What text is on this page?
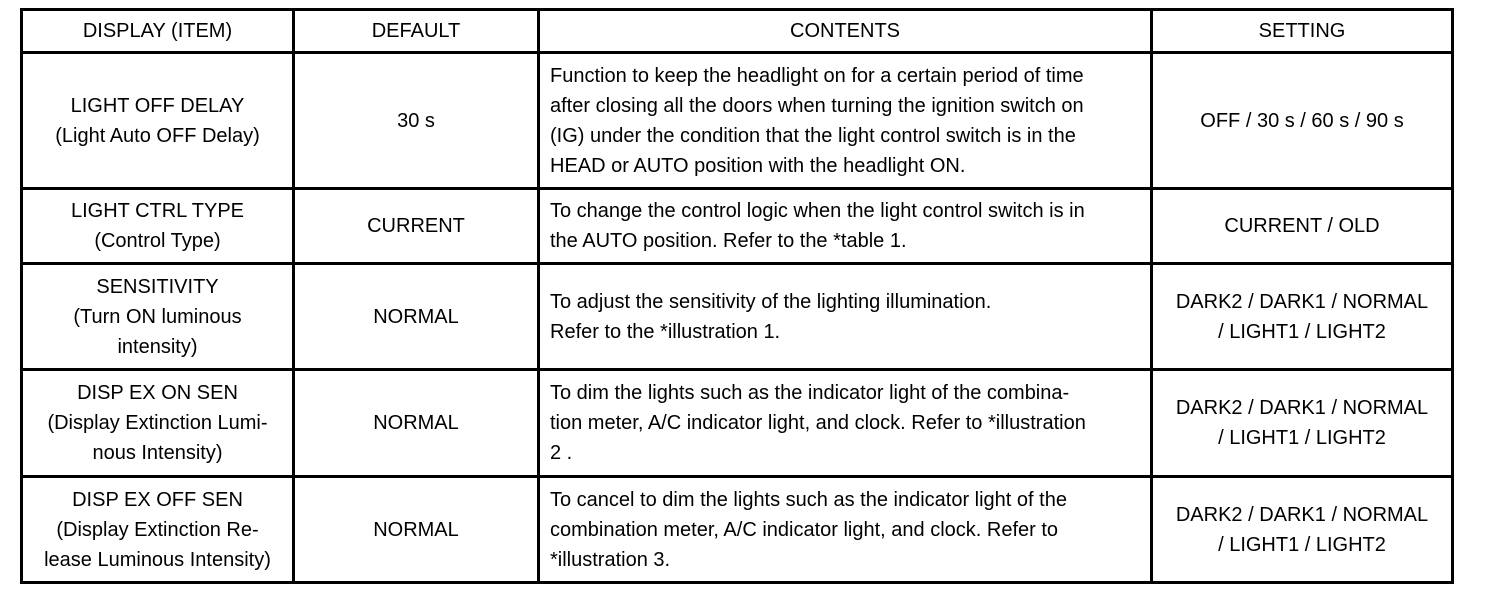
DISPLAY (ITEM)	DEFAULT	CONTENTS	SETTING

LIGHT OFF DELAY
(Light Auto OFF Delay)	30 s	Function to keep the headlight on for a certain period of time
after closing all the doors when turning the ignition switch on
(IG) under the condition that the light control switch is in the
HEAD or AUTO position with the headlight ON.	OFF / 30 s / 60 s / 90 s

LIGHT CTRL TYPE
(Control Type)	CURRENT	To change the control logic when the light control switch is in
the AUTO position. Refer to the *table 1.	CURRENT / OLD

SENSITIVITY
(Turn ON luminous
intensity)	NORMAL	To adjust the sensitivity of the lighting illumination.
Refer to the *illustration 1.	DARK2 / DARK1 / NORMAL
/ LIGHT1 / LIGHT2

DISP EX ON SEN
(Display Extinction Lumi-
nous Intensity)	NORMAL	To dim the lights such as the indicator light of the combina-
tion meter, A/C indicator light, and clock. Refer to *illustration
2 .	DARK2 / DARK1 / NORMAL
/ LIGHT1 / LIGHT2

DISP EX OFF SEN
(Display Extinction Re-
lease Luminous Intensity)	NORMAL	To cancel to dim the lights such as the indicator light of the
combination meter, A/C indicator light, and clock. Refer to
*illustration 3.	DARK2 / DARK1 / NORMAL
/ LIGHT1 / LIGHT2
